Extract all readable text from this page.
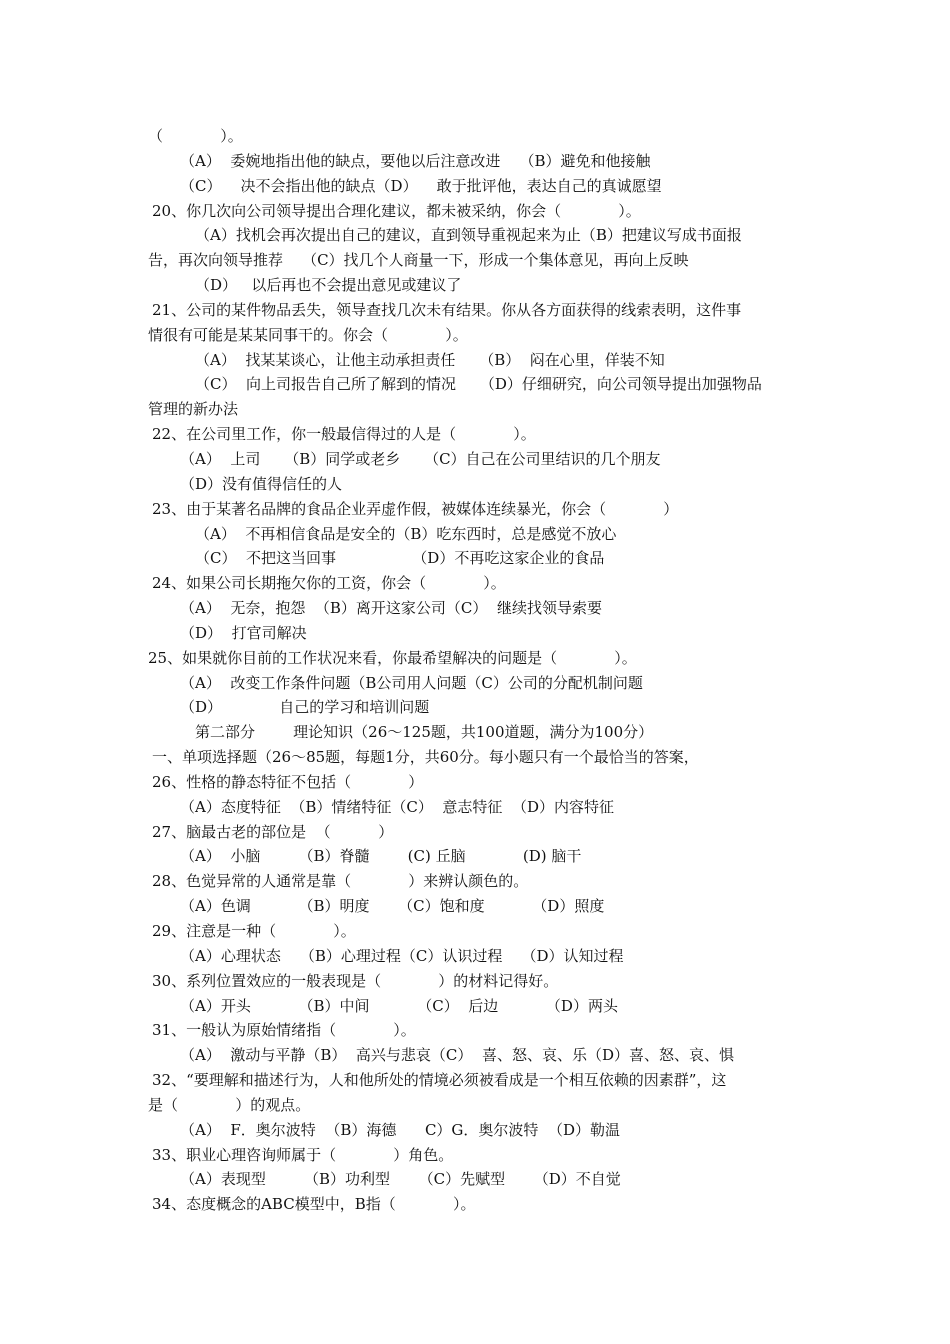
（            ）。
（A）  委婉地指出他的缺点，要他以后注意改进    （B）避免和他接触
（C）    决不会指出他的缺点（D）    敢于批评他，表达自己的真诚愿望
20、你几次向公司领导提出合理化建议，都未被采纳，你会（            ）。
（A）找机会再次提出自己的建议，直到领导重视起来为止（B）把建议写成书面报
告，再次向领导推荐    （C）找几个人商量一下，形成一个集体意见，再向上反映
（D）   以后再也不会提出意见或建议了
21、公司的某件物品丢失，领导查找几次未有结果。你从各方面获得的线索表明，这件事
情很有可能是某某同事干的。你会（            ）。
（A）  找某某谈心，让他主动承担责任     （B）  闷在心里，佯装不知
（C）  向上司报告自己所了解到的情况     （D）仔细研究，向公司领导提出加强物品
管理的新办法
22、在公司里工作，你一般最信得过的人是（            ）。
（A）  上司     （B）同学或老乡     （C）自己在公司里结识的几个朋友
（D）没有值得信任的人
23、由于某著名品牌的食品企业弄虚作假，被媒体连续暴光，你会（            ）
（A）  不再相信食品是安全的（B）吃东西时，总是感觉不放心
（C）  不把这当回事                （D）不再吃这家企业的食品
24、如果公司长期拖欠你的工资，你会（            ）。
（A）  无奈，抱怨  （B）离开这家公司（C）  继续找领导索要
（D）  打官司解决
25、如果就你目前的工作状况来看，你最希望解决的问题是（            ）。
（A）  改变工作条件问题（B公司用人问题（C）公司的分配机制问题
（D）            自己的学习和培训问题
第二部分        理论知识（26～125题，共100道题，满分为100分）
一、单项选择题（26～85题，每题1分，共60分。每小题只有一个最恰当的答案，
26、性格的静态特征不包括（            ）
（A）态度特征  （B）情绪特征（C）  意志特征  （D）内容特征
27、脑最古老的部位是  （          ）
（A）  小脑        （B）脊髓        (C) 丘脑            (D) 脑干
28、色觉异常的人通常是靠（            ）来辨认颜色的。
（A）色调          （B）明度      （C）饱和度          （D）照度
29、注意是一种（            ）。
（A）心理状态    （B）心理过程（C）认识过程    （D）认知过程
30、系列位置效应的一般表现是（            ）的材料记得好。
（A）开头          （B）中间          （C）  后边          （D）两头
31、一般认为原始情绪指（            ）。
（A）  激动与平静（B）  高兴与悲哀（C）  喜、怒、哀、乐（D）喜、怒、哀、惧
32、“要理解和描述行为，人和他所处的情境必须被看成是一个相互依赖的因素群”，这
是（            ）的观点。
（A）  F．奥尔波特  （B）海德      C）G．奥尔波特  （D）勒温
33、职业心理咨询师属于（            ）角色。
（A）表现型        （B）功利型      （C）先赋型      （D）不自觉
34、态度概念的ABC模型中，B指（            ）。
